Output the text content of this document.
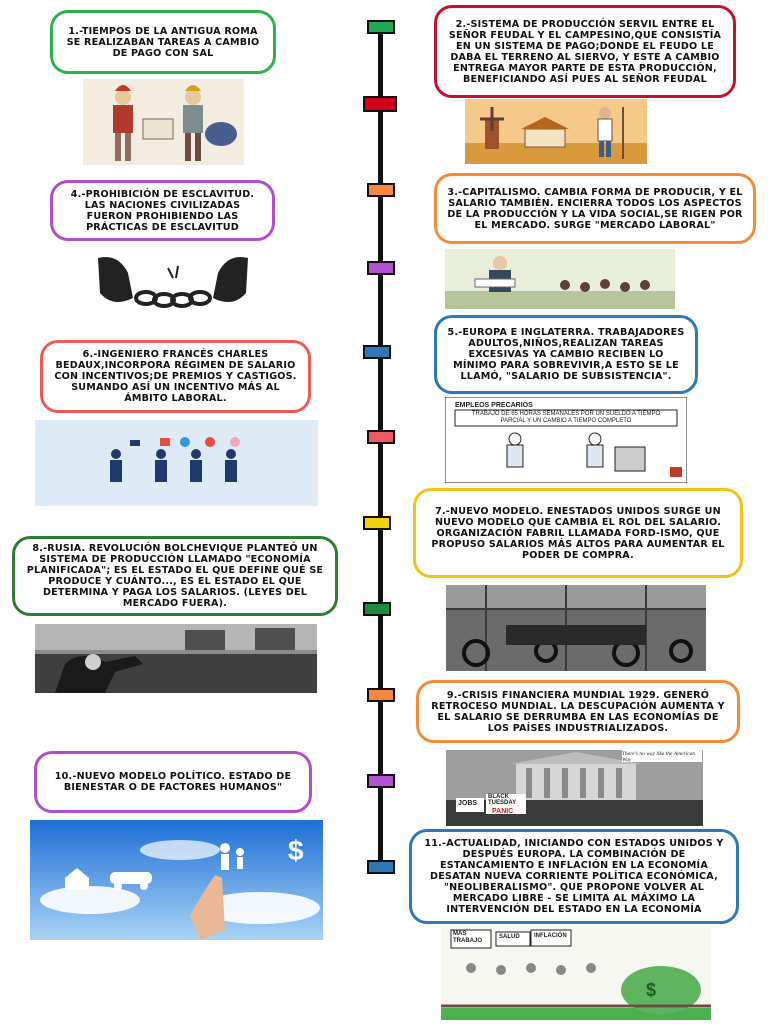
1.-TIEMPOS DE LA ANTIGUA ROMA SE REALIZABAN TAREAS A CAMBIO DE PAGO CON SAL
2.-SISTEMA DE PRODUCCIÓN SERVIL ENTRE EL SEÑOR FEUDAL Y EL CAMPESINO,QUE CONSISTÍA EN UN SISTEMA DE PAGO;DONDE EL FEUDO LE DABA EL TERRENO AL SIERVO, Y ESTE A CAMBIO ENTREGA MAYOR PARTE DE ESTA PRODUCCIÓN, BENEFICIANDO ASÍ PUES AL SEÑOR FEUDAL
4.-PROHIBICIÓN DE ESCLAVITUD. LAS NACIONES CIVILIZADAS FUERON PROHIBIENDO LAS PRÁCTICAS DE ESCLAVITUD
3.-CAPITALISMO. CAMBIA FORMA DE PRODUCIR, Y EL SALARIO TAMBIÉN. ENCIERRA TODOS LOS ASPECTOS DE LA PRODUCCIÓN Y LA VIDA SOCIAL,SE RIGEN POR EL MERCADO. SURGE "MERCADO LABORAL"
5.-EUROPA E INGLATERRA. TRABAJADORES ADULTOS,NIÑOS,REALIZAN TAREAS EXCESIVAS YA CAMBIO RECIBEN LO MÍNIMO PARA SOBREVIVIR,A ESTO SE LE LLAMÓ, "SALARIO DE SUBSISTENCIA".
6.-INGENIERO FRANCÉS CHARLES BEDAUX,INCORPORA RÉGIMEN DE SALARIO CON INCENTIVOS;DE PREMIOS Y CASTIGOS. SUMANDO ASÍ UN INCENTIVO MÁS AL ÁMBITO LABORAL.
7.-NUEVO MODELO. ENESTADOS UNIDOS SURGE UN NUEVO MODELO QUE CAMBIA EL ROL DEL SALARIO. ORGANIZACIÓN FABRIL LLAMADA FORD-ISMO, QUE PROPUSO SALARIOS MÁS ALTOS PARA AUMENTAR EL PODER DE COMPRA.
8.-RUSIA. REVOLUCIÓN BOLCHEVIQUE PLANTEÓ UN SISTEMA DE PRODUCCIÓN LLAMADO "ECONOMÍA PLANIFICADA"; ES EL ESTADO EL QUE DEFINE QUÉ SE PRODUCE Y CUÁNTO..., ES EL ESTADO EL QUE DETERMINA Y PAGA LOS SALARIOS. (LEYES DEL MERCADO FUERA).
9.-CRISIS FINANCIERA MUNDIAL 1929. GENERÓ RETROCESO MUNDIAL. LA DESCUPACIÓN AUMENTA Y EL SALARIO SE DERRUMBA EN LAS ECONOMÍAS DE LOS PAÍSES INDUSTRIALIZADOS.
10.-NUEVO MODELO POLÍTICO. ESTADO DE BIENESTAR O DE FACTORES HUMANOS"
11.-ACTUALIDAD, INICIANDO CON ESTADOS UNIDOS Y DESPUÉS EUROPA. LA COMBINACIÓN DE ESTANCAMIENTO E INFLACIÓN EN LA ECONOMÍA DESATAN NUEVA CORRIENTE POLÍTICA ECONÓMICA, "NEOLIBERALISMO". QUE PROPONE VOLVER AL MERCADO LIBRE - SE LIMITA AL MÁXIMO LA INTERVENCIÓN DEL ESTADO EN LA ECONOMÍA
EMPLEOS PRECARIOS
TRABAJO DE 65 HORAS SEMANALES POR UN SUELDO A TIEMPO PARCIAL Y UN CAMBIO A TIEMPO COMPLETO
JOBS
BLACK TUESDAY
PANIC
There's no way like the American Way
$
$
MAS TRABAJO
SALUD INFLACIÓN
